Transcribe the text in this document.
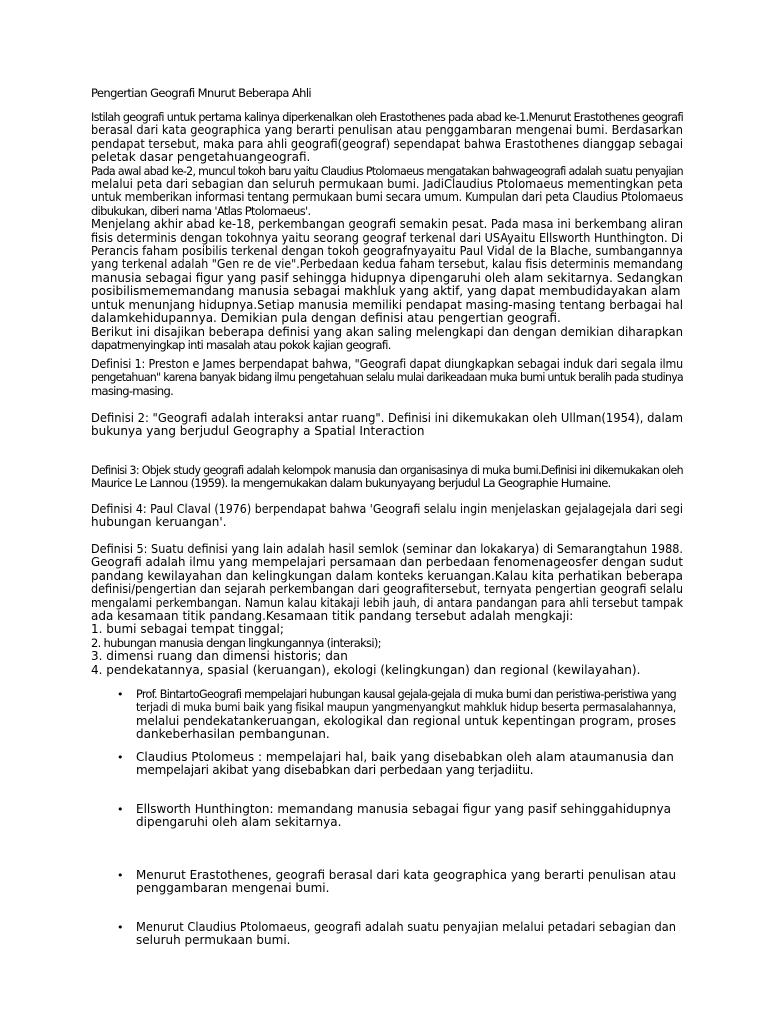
Pengertian Geografi Mnurut Beberapa Ahli
Istilah geografi untuk pertama kalinya diperkenalkan oleh Erastothenes pada abad ke-1.Menurut Erastothenes geografi
berasal dari kata geographica yang berarti penulisan atau penggambaran mengenai bumi. Berdasarkan
pendapat tersebut, maka para ahli geografi(geograf) sependapat bahwa Erastothenes dianggap sebagai
peletak dasar pengetahuangeografi.
Pada awal abad ke-2, muncul tokoh baru yaitu Claudius Ptolomaeus mengatakan bahwageografi adalah suatu penyajian
melalui peta dari sebagian dan seluruh permukaan bumi. JadiClaudius Ptolomaeus mementingkan peta
untuk memberikan informasi tentang permukaan bumi secara umum. Kumpulan dari peta Claudius Ptolomaeus
dibukukan, diberi nama 'Atlas Ptolomaeus'.
Menjelang akhir abad ke-18, perkembangan geografi semakin pesat. Pada masa ini berkembang aliran
fisis determinis dengan tokohnya yaitu seorang geograf terkenal dari USAyaitu Ellsworth Hunthington. Di
Perancis faham posibilis terkenal dengan tokoh geografnyayaitu Paul Vidal de la Blache, sumbangannya
yang terkenal adalah "Gen re de vie".Perbedaan kedua faham tersebut, kalau fisis determinis memandang
manusia sebagai figur yang pasif sehingga hidupnya dipengaruhi oleh alam sekitarnya. Sedangkan
posibilismememandang manusia sebagai makhluk yang aktif, yang dapat membudidayakan alam
untuk menunjang hidupnya.Setiap manusia memiliki pendapat masing-masing tentang berbagai hal
dalamkehidupannya. Demikian pula dengan definisi atau pengertian geografi.
Berikut ini disajikan beberapa definisi yang akan saling melengkapi dan dengan demikian diharapkan
dapatmenyingkap inti masalah atau pokok kajian geografi.
Definisi 1: Preston e James berpendapat bahwa, "Geografi dapat diungkapkan sebagai induk dari segala ilmu
pengetahuan" karena banyak bidang ilmu pengetahuan selalu mulai darikeadaan muka bumi untuk beralih pada studinya
masing-masing.
Definisi 2: "Geografi adalah interaksi antar ruang". Definisi ini dikemukakan oleh Ullman(1954), dalam
bukunya yang berjudul Geography a Spatial Interaction
Definisi 3: Objek study geografi adalah kelompok manusia dan organisasinya di muka bumi.Definisi ini dikemukakan oleh
Maurice Le Lannou (1959). Ia mengemukakan dalam bukunyayang berjudul La Geographie Humaine.
Definisi 4: Paul Claval (1976) berpendapat bahwa 'Geografi selalu ingin menjelaskan gejalagejala dari segi
hubungan keruangan'.
Definisi 5: Suatu definisi yang lain adalah hasil semlok (seminar dan lokakarya) di Semarangtahun 1988.
Geografi adalah ilmu yang mempelajari persamaan dan perbedaan fenomenageosfer dengan sudut
pandang kewilayahan dan kelingkungan dalam konteks keruangan.Kalau kita perhatikan beberapa
definisi/pengertian dan sejarah perkembangan dari geografitersebut, ternyata pengertian geografi selalu
mengalami perkembangan. Namun kalau kitakaji lebih jauh, di antara pandangan para ahli tersebut tampak
ada kesamaan titik pandang.Kesamaan titik pandang tersebut adalah mengkaji:
1. bumi sebagai tempat tinggal;
2. hubungan manusia dengan lingkungannya (interaksi);
3. dimensi ruang dan dimensi historis; dan
4. pendekatannya, spasial (keruangan), ekologi (kelingkungan) dan regional (kewilayahan).
• Prof. BintartoGeografi mempelajari hubungan kausal gejala-gejala di muka bumi dan peristiwa-peristiwa yang
terjadi di muka bumi baik yang fisikal maupun yangmenyangkut mahkluk hidup beserta permasalahannya,
melalui pendekatankeruangan, ekologikal dan regional untuk kepentingan program, proses
dankeberhasilan pembangunan.
• Claudius Ptolomeus : mempelajari hal, baik yang disebabkan oleh alam ataumanusia dan
mempelajari akibat yang disebabkan dari perbedaan yang terjadiitu.
• Ellsworth Hunthington: memandang manusia sebagai figur yang pasif sehinggahidupnya
dipengaruhi oleh alam sekitarnya.
• Menurut Erastothenes, geografi berasal dari kata geographica yang berarti penulisan atau
penggambaran mengenai bumi.
• Menurut Claudius Ptolomaeus, geografi adalah suatu penyajian melalui petadari sebagian dan
seluruh permukaan bumi.
